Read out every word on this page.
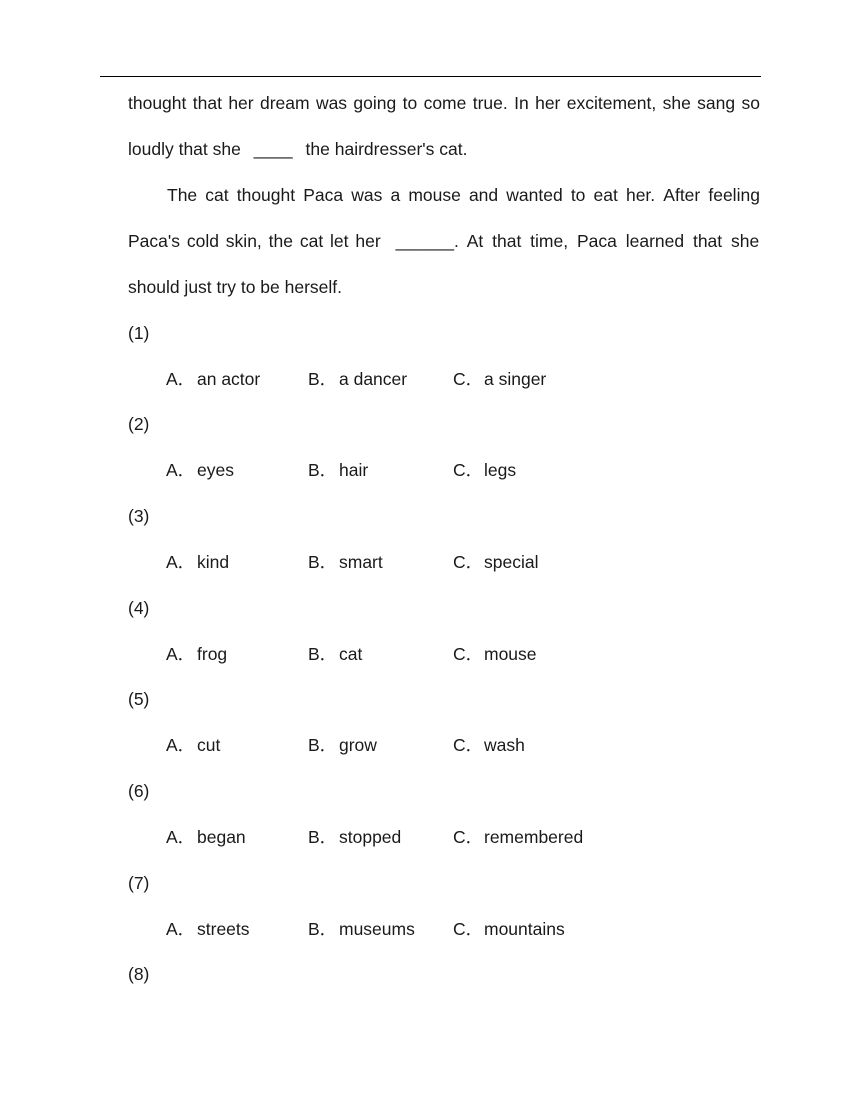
thought that her dream was going to come true. In her excitement, she sang so
loudly that she ____ the hairdresser's cat.
The cat thought Paca was a mouse and wanted to eat her. After feeling
Paca's cold skin, the cat let her ______. At that time, Paca learned that she
should just try to be herself.
(1)
A． an actor	B． a dancer	C．a singer
(2)
A． eyes	B． hair	C．legs
(3)
A． kind	B． smart	C．special
(4)
A． frog	B． cat	C．mouse
(5)
A． cut	B． grow	C．wash
(6)
A． began	B． stopped	C．remembered
(7)
A． streets	B． museums C．mountains
(8)
